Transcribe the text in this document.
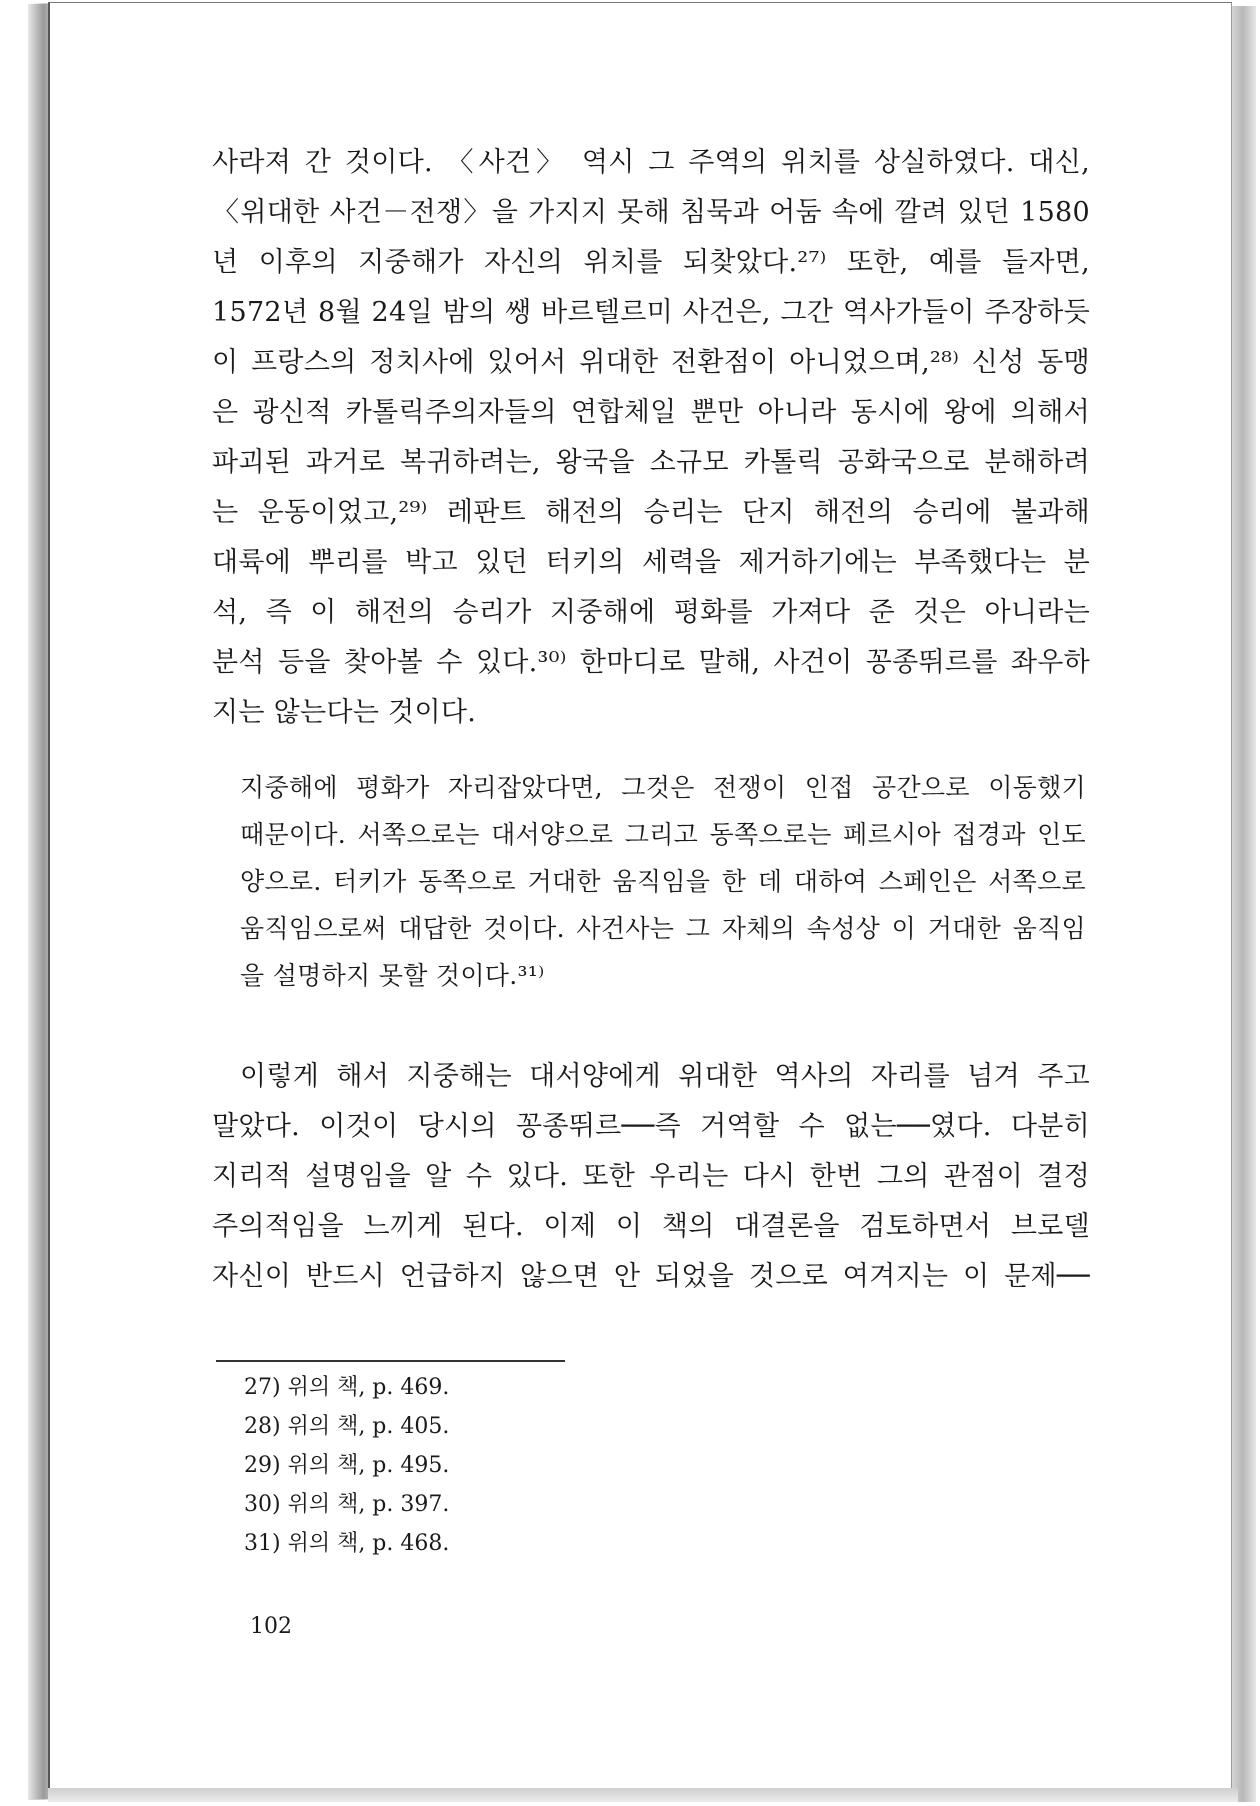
사라져 간 것이다. 〈사건〉 역시 그 주역의 위치를 상실하였다. 대신,
〈위대한 사건－전쟁〉을 가지지 못해 침묵과 어둠 속에 깔려 있던 1580
년 이후의 지중해가 자신의 위치를 되찾았다.²⁷⁾ 또한, 예를 들자면,
1572년 8월 24일 밤의 쌩 바르텔르미 사건은, 그간 역사가들이 주장하듯
이 프랑스의 정치사에 있어서 위대한 전환점이 아니었으며,²⁸⁾ 신성 동맹
은 광신적 카톨릭주의자들의 연합체일 뿐만 아니라 동시에 왕에 의해서
파괴된 과거로 복귀하려는, 왕국을 소규모 카톨릭 공화국으로 분해하려
는 운동이었고,²⁹⁾ 레판트 해전의 승리는 단지 해전의 승리에 불과해
대륙에 뿌리를 박고 있던 터키의 세력을 제거하기에는 부족했다는 분
석, 즉 이 해전의 승리가 지중해에 평화를 가져다 준 것은 아니라는
분석 등을 찾아볼 수 있다.³⁰⁾ 한마디로 말해, 사건이 꽁종뛰르를 좌우하
지는 않는다는 것이다.
지중해에 평화가 자리잡았다면, 그것은 전쟁이 인접 공간으로 이동했기
때문이다. 서쪽으로는 대서양으로 그리고 동쪽으로는 페르시아 접경과 인도
양으로. 터키가 동쪽으로 거대한 움직임을 한 데 대하여 스페인은 서쪽으로
움직임으로써 대답한 것이다. 사건사는 그 자체의 속성상 이 거대한 움직임
을 설명하지 못할 것이다.³¹⁾
이렇게 해서 지중해는 대서양에게 위대한 역사의 자리를 넘겨 주고
말았다. 이것이 당시의 꽁종뛰르──즉 거역할 수 없는──였다. 다분히
지리적 설명임을 알 수 있다. 또한 우리는 다시 한번 그의 관점이 결정
주의적임을 느끼게 된다. 이제 이 책의 대결론을 검토하면서 브로델
자신이 반드시 언급하지 않으면 안 되었을 것으로 여겨지는 이 문제──
27) 위의 책, p. 469.
28) 위의 책, p. 405.
29) 위의 책, p. 495.
30) 위의 책, p. 397.
31) 위의 책, p. 468.
102
